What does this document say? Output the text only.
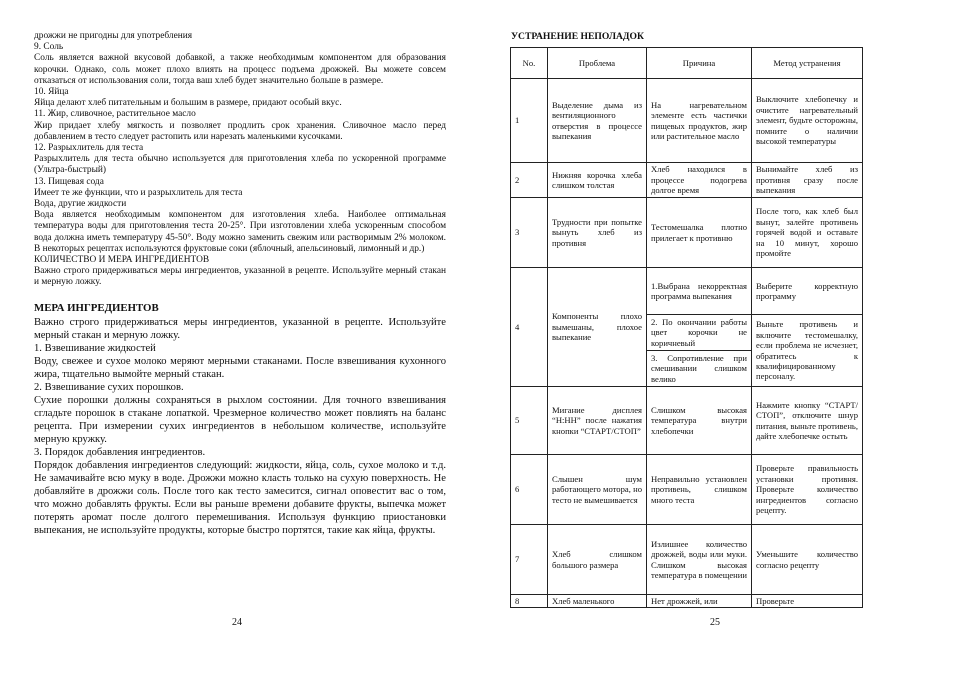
дрожжи не пригодны для употребления

9. Соль

Соль является важной вкусовой добавкой, а также необходимым компонентом для образования корочки. Однако, соль может плохо влиять на процесс подъема дрожжей. Вы можете совсем отказаться от использования соли, тогда ваш хлеб будет значительно больше в размере.

10. Яйца

Яйца делают хлеб питательным и большим в размере, придают особый вкус.

11. Жир, сливочное, растительное масло

Жир придает хлебу мягкость и позволяет продлить срок хранения. Сливочное масло перед добавлением в тесто следует растопить или нарезать маленькими кусочками.

12. Разрыхлитель для теста

Разрыхлитель для теста обычно используется для приготовления хлеба по ускоренной программе (Ультра-быстрый)

13. Пищевая сода

Имеет те же функции, что и разрыхлитель для теста

Вода, другие жидкости

Вода является необходимым компонентом для изготовления хлеба. Наиболее оптимальная температура воды для приготовления теста 20-25°. При изготовлении хлеба ускоренным способом вода должна иметь температуру 45-50°. Воду можно заменить свежим или растворимым 2% молоком. В некоторых рецептах используются фруктовые соки (яблочный, апельсиновый, лимонный и др.)

КОЛИЧЕСТВО И МЕРА ИНГРЕДИЕНТОВ

Важно строго придерживаться меры ингредиентов, указанной в рецепте. Используйте мерный стакан и мерную ложку.

МЕРА ИНГРЕДИЕНТОВ

Важно строго придерживаться меры ингредиентов, указанной в рецепте. Используйте мерный стакан и мерную ложку.

1. Взвешивание жидкостей

Воду, свежее и сухое молоко меряют мерными стаканами. После взвешивания кухонного жира, тщательно вымойте мерный стакан.

2. Взвешивание сухих порошков.

Сухие порошки должны сохраняться в рыхлом состоянии. Для точного взвешивания сгладьте порошок в стакане лопаткой. Чрезмерное количество может повлиять на баланс рецепта. При измерении сухих ингредиентов в небольшом количестве, используйте мерную кружку.

3. Порядок добавления ингредиентов.

Порядок добавления ингредиентов следующий: жидкости, яйца, соль, сухое молоко и т.д. Не замачивайте всю муку в воде. Дрожжи можно класть только на сухую поверхность. Не добавляйте в дрожжи соль. После того как тесто замесится, сигнал оповестит вас о том, что можно добавлять фрукты. Если вы раньше времени добавите фрукты, выпечка может потерять аромат после долгого перемешивания. Используя функцию приостановки выпекания, не используйте продукты, которые быстро портятся, такие как яйца, фрукты.

24
УСТРАНЕНИЕ НЕПОЛАДОК
No.	Проблема	Причина	Метод устранения
1	Выделение дыма из вентиляционного отверстия в процессе выпекания	На нагревательном элементе есть частички пищевых продуктов, жир или растительное масло	Выключите хлебопечку и очистите нагревательный элемент, будьте осторожны, помните о наличии высокой температуры
2	Нижняя корочка хлеба слишком толстая	Хлеб находился в процессе подогрева долгое время	Вынимайте хлеб из противня сразу после выпекания
3	Трудности при попытке вынуть хлеб из противня	Тестомешалка плотно прилегает к противню	После того, как хлеб был вынут, залейте противень горячей водой и оставьте на 10 минут, хорошо промойте
4	Компоненты плохо вымешаны, плохое выпекание	1.Выбрана некорректная программа выпекания	Выберите корректную программу
		2. По окончании работы цвет корочки не коричневый	Выньте противень и включите тестомешалку, если проблема не исчезнет, обратитесь к квалифицированному персоналу.
		3. Сопротивление при смешивании слишком велико	
5	Мигание дисплея “H:HH” после нажатия кнопки “СТАРТ/СТОП”	Слишком высокая температура внутри хлебопечки	Нажмите кнопку “СТАРТ/СТОП”, отключите шнур питания, выньте противень, дайте хлебопечке остыть
6	Слышен шум работающего мотора, но тесто не вымешивается	Неправильно установлен противень, слишком много теста	Проверьте правильность установки противня. Проверьте количество ингредиентов согласно рецепту.
7	Хлеб слишком большого размера	Излишнее количество дрожжей, воды или муки. Слишком высокая температура в помещении	Уменьшите количество согласно рецепту
8	Хлеб маленького	Нет дрожжей, или	Проверьте
25
